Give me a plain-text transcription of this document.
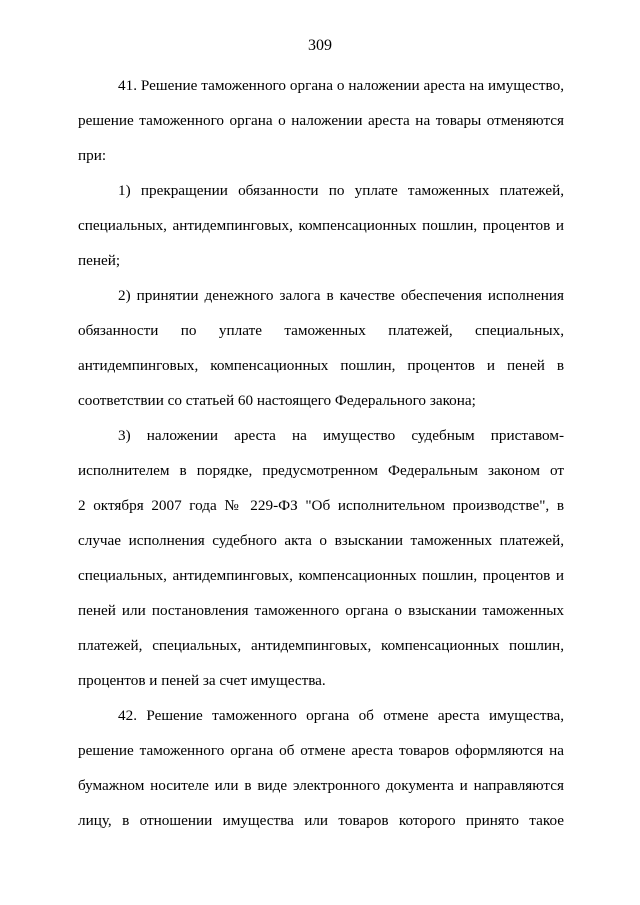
309
41. Решение таможенного органа о наложении ареста на имущество,
решение таможенного органа о наложении ареста на товары отменяются
при:
1) прекращении обязанности по уплате таможенных платежей,
специальных, антидемпинговых, компенсационных пошлин, процентов и
пеней;
2) принятии денежного залога в качестве обеспечения исполнения
обязанности по уплате таможенных платежей, специальных,
антидемпинговых, компенсационных пошлин, процентов и пеней в
соответствии со статьей 60 настоящего Федерального закона;
3) наложении ареста на имущество судебным приставом-
исполнителем в порядке, предусмотренном Федеральным законом от
2 октября 2007 года № 229-ФЗ "Об исполнительном производстве", в
случае исполнения судебного акта о взыскании таможенных платежей,
специальных, антидемпинговых, компенсационных пошлин, процентов и
пеней или постановления таможенного органа о взыскании таможенных
платежей, специальных, антидемпинговых, компенсационных пошлин,
процентов и пеней за счет имущества.
42. Решение таможенного органа об отмене ареста имущества,
решение таможенного органа об отмене ареста товаров оформляются на
бумажном носителе или в виде электронного документа и направляются
лицу, в отношении имущества или товаров которого принято такое
